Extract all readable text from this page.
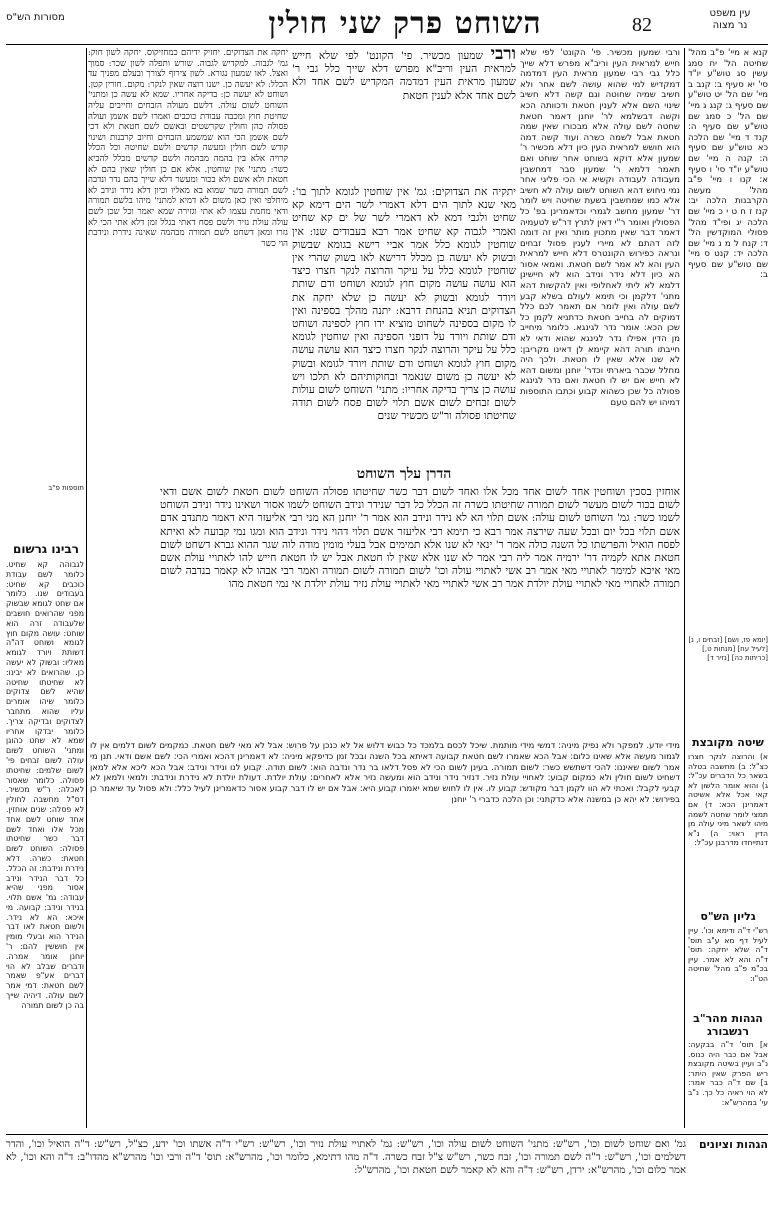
מסורות הש"ס	השוחט פרק שני חולין	82
עין משפט
נר מצוה
קנא א מיי' פ"ב מהל' שחיטה הל' יח סמג עשין סג טוש"ע יו"ד סי' יא סעיף ב: קנב ב מיי' שם הל' יט טוש"ע שם סעיף ג: קנג ג מיי' שם הל' כ סמג שם טוש"ע שם סעיף ה: קנד ד מיי' שם הלכה כא טוש"ע שם סעיף ה: קנה ה מיי' שם טוש"ע יו"ד סי' ו סעיף א: קנו ו מיי' פ"ב מהל' מעשה הקרבנות הלכה יב: קנז ז ח ט י כ מיי' שם הלכה יג ופי"ד מהל' פסולי המוקדשין הל' ד: קנח ל מ נ מיי' שם הלכה יד: קנט ס מיי' שם טוש"ע שם סעיף ב:
[יומא פז, ושם] [זבחים ו, נ] [לעיל עח] [מנחות ט,] [כריתות כה] [נזיר ד]
שיטה מקובצת
א) והרוצה לנקר חצרו כצ"ל: ב) מחשבה בטלה בשאר כל הדברים עכ"ל: ג) והוא אומר הלשון לא קאי אכל אלא אשיטה דאמרינן הכא: ד) אם תמצי לומר שחטה לשמה מיהו לשאר מיני עולה מן הדין ראוי: ה) נ"א דנתייחדו מדרבנן עכ"ל:
גליון הש"ס
רש"י ד"ה ודימא וכו'. עיין לעיל דף מא ע"ב תוס' ד"ה שלא יחקה: תוס' ד"ה והא לא אמר. עיין בכ"מ פ"ב מהל' שחיטה הט"ו:
הגהות מהר"ב רנשבורג
א] תוס' ד"ה בבקעה: אבל אם כבר היה כנוס. נ"ב ועיין בשיטה מקובצת ריש הפרק שאין היתר: ב] שם ד"ה כבר אמר: לא הוי ראיה כל כך. נ"ב עי' במהרש"א:
ורבי שמעון מכשיר. פי' הקונט' לפי שלא חייש למראית העין וריב"א מפרש דלא שייך כלל גבי רבי שמעון מראית העין דמדמה דמקדיש למי שהוא עושה לשם אחר ולא חשיב שמיה שחוטה וגם קשה דלא חשיב שינוי השם אלא לענין חטאת ודכוותה הכא וקשה דבשלמא לר' יוחנן דאמר חטאת שחטה לשם עולה אלא מבכורו שאין שמה חטאת אבל לשמה כשרה ועוד קשה דמה הוא חושש למראית העין כיון דלא מכשיר ר' שמעון אלא דוקא בשוחט אחר שוחט ואם תאמר דלמא ר' שמעון סבר דמחשבין מעבודה לעבודה וקשיא אי הכי פליגי אחר נמי ניחוש דהא השוחט לשום עולה לא חשיב אלא כמו שמחשבין בשעת שחיטה ויש לומר דר' שמעון מחשב לגמרי וכדאמרינן בפ' כל הפסולין ואומר ר"י דאין לתרץ דר"ש לטעמיה דאמר דבר שאין מתכוין מותר ואין זה דומה לזה דהתם לא מיירי לענין פסול זבחים ונראה כפירוש הקונטרס דלא חייש למראית העין והא לא אמר לשם חטאת. ואמאי אסור הא כיון דלא נידר ונידב הוא לא חיישינן דלמא לא ליתי לאחלופי ואין להקשות דהא מתני' דלקמן וכי תימא לעולם בשלא קבע לשם עולה ואין לומר אם תאמר לכם כלל דמוקים לה בחייב חטאת כדתניא לקמן כל שכן הכא: אומר נדר לגינגא. כלומר מיחייב מן הדין אפילו נדר לגינגא שהוא ודאי לא חייבתו תורה דהא קיימא לן דאינו מקריבן: לא שנו אלא שאין לו חטאת. ולכך היה מחלל שכבר ביארתי וכדר' יוחנן ומשום דהא לא חייש אם יש לו חטאת ואם נדר לגינגא פסולה כל שכן כשהוא קבוע וכתבו התוספות דמיהו יש להם טעם
ורבי שמעון מכשיר. פי' הקונט' לפי שלא חייש למראית העין וריב"א מפרש דלא שייך כלל גבי ר' שמעון מראית העין דמדמה המקדיש לשם אחד ולא לשם אחד אלא לענין חטאת
יתקיה את הצדוקים: גמ' אין שוחטין לגומא לתוך בו': מאי שנא לתוך הים דלא דאמרי לשר הים דימא קא שחיט ולגבי דמא לא דאמרי לשר של ים קא שחיט ואמרי לגבוה קא שחיט אמר רבא בעבודים שנו: אין שוחטין לגומא כלל אמר אביי רישא בגומא שבשוק ובשוק לא יעשה כן מכלל דרישא לאו בשוק שהרי אין שוחטין לגומא כלל על עיקר והרוצה לנקר חצרו כיצד הוא עושה עושה מקום חוץ לגומא ושוחט ודם שותת ויורד לגומא ובשוק לא יעשה כן שלא יחקה את הצדוקים תניא בהנחת דרבא: יתנה מהלך בספינה ואין לו מקום בספינה לשחוט מוציא ידו חוץ לספינה ושוחט ודם שותת ויורד על דופני הספינה ואין שוחטין לגומא כלל על עיקר והרוצה לנקר חצרו כיצד הוא עושה עושה מקום חוץ לגומא ושוחט ודם שותת ויורד לגומא ובשוק לא יעשה כן משום שנאמר ובחוקותיהם לא תלכו ויש עושה כן צריך בדיקה אחריו: מתני' השוחט לשום עולות לשום זבחים לשום אשם תלוי לשום פסח לשום תודה שחיטתו פסולה ור"ש מכשיר שנים
הדרן עלך השוחט
אוחזין בסכין ושוחטין אחד לשום אחד מכל אלו ואחד לשום דבר כשר שחיטתו פסולה השוחט לשום חטאת לשום אשם ודאי לשום בכור לשום מעשר לשום תמורה שחיטתו כשרה זה הכלל כל דבר שנידר ונידב השוחט לשמו אסור ושאינו נידר ונידב השוחט לשמו כשר: גמ' השוחט לשום עולה: אשם תלוי הא לא נידר ונידב הוא אמר ר' יוחנן הא מני רבי אליעזר היא דאמר מתנדב אדם אשם תלוי בכל יום ובכל שעה שירצה אמר רבא כי תימא רבי אליעזר אשם תלוי דהוי נידר ונידב הוא ומגו נמי קבועה לא ואיתא לפסח הואיל והפרשתו כל השנה כולה אמר ר' ינאי לא שנו אלא תמימים אבל בעלי מומין מודה לוה שגר ההוא גברא דשחט לשום חטאת אתא לקמיה דר' ירמיה אמר ליה רבי אמר לא שנו אלא שאין לו חטאת אבל יש לו חטאת חייש להו לאתויי עולת אשם מאי איכא למימר לאתויי מאי אמר רב אשי לאתויי עולה וכו' לשום תמורה לשום תמורה ואמר רבי אבהו לא קאמר בנדבה לשום תמורה לאחויי מאי לאתויי עולת יולדת אמר רב אשי לאתויי מאי לאתויי עולת נזיר עולת יולדת אי נמי חטאת מהו
יחקה את הצדוקים. יחזיק ידיהם כמחזיקוס. יחקה לשון חוק: גמ' לגבוה. למקדיש לגבוה. שורש ותפלה לשון שכר: סמוך ואצל. לאו שמעון נגורא. לשון צירוף לצורך ובעלם מפניך עד הכלל: לא יעשה כן. ישנו רוצה שאין לנקר: מקום. חורין קטן. ושוחט לא יעשה כן: בדיקה אחריו. שמא לא עשה כן ומתני' השוחט לשום עולה. דלשם מעולה הזבחים וחייבים עליה שחיטת חוץ ומכבה עבודת כוכבים ואמרו לשם אשמן ועולה פסולה כהן וחולין שקרשטים ובאשם לשם חטאת ולא דכי לשם אשמן הכי הוא שמשמע הזבחים וחיוב קרבנות ושינוי קודש לשם חולין ומעשה קדשים ולשם שחיטה וכל הכלל קרויה אלא בין בהמה מבהמה ולשם קדשים מכלל להביא כשר: מתני' אין שוחטין. אלא אם כן חולין שאין בהם לא חטאת ולא אשם ולא בכור ומעשר דלא שייך בהם נדר ונדבה לשם תמורה כשר שמוא בא מאליו וכיון דלא נידר ונידב לא מיחלפי ואין כאן משום לא דמיא למתני' מיהו בלשם תמורה ודאי מחמת עצמו לא אתי וגזירה שמא יאמר וכל שכן לשם עולה עולת נזיר ולשם פסח דאתי בגלל זמן דלא אתי הכי לא גזרו ומאן דשחט לשם תמורה מבהמה שאינה נידרת ונידבת הוי כשר
תוספות פ"ב
רבינו גרשום
לגבוהה קא שחיט. כלומר לשם עבודת כוכבים קא שחיט: בעבודים שנו. כלומר אם שחט לגומא שבשוק מפני שהרואים חושבים שלעבודה זרה הוא שוחט: עושה מקום חוץ לגומא ושוחט דה"ה דשותת ויורד לגומא מאליו: ובשוק לא יעשה כן. שהרואים לא יבינו: לא שחיטתו שחיטה שהיא לשם צדוקים כלומר שיהו אומרים עליו שהוא מתחבר לצדוקים ובדיקה צריך. כלומר יבדקו אחריו שמא לא שחט כהוגן ומתני' השוחט לשום עולה לשום זבחים פי' לשום שלמים: שחיטתו פסולה. כלומר שאסור לאכלה: ר"ש מכשיר. דס"ל מחשבה לחולין לא פסלה: שנים אוחזין. אחד שוחט לשם אחד מכל אלו ואחד לשם דבר כשר שחיטתו פסולה: השוחט לשום חטאת: כשרה. דלא נידרת ונידבת: זה הכלל. כל דבר הנידר ונידב אסור מפני שהיא עבודה: גמ' אשם תלוי. בנידר ונידב: קבועה. מי איכא: הא לא נידר. ולשום חטאת לאו דבר הנידר הוא ובעלי מומין אין חוששין להם: ר' יוחנן אומר אמרה. ודברים שבלב לא הוי דברים אע"פ שאמר לשם חטאת: דמי אמר לשם עולה. דיהיה שייך בה כן לשום תמורה
מידי יודע. למפקר ולא נפיק מיניה: דמשי מידי מותמת. שיכל לכסם בלמכד כל כבוש דלוש אל לא כנכן על פרוש: אבל לא מאי לשם חטאת. כמקמים לשום דלמים אין לו לגמור מעשה אלא שאינו כלום: אבל הכא שאמרו לשם חטאת קבועה דאיתא בכל השנה ובכל זמן כדיפקא מיניה: לא דאמרינן דהכא ואמרי הכי: לשם אשם ודאי. תנן מי אמר לשום שאיננו: להכי דשתשש כשר: לשום תמורה. בעינן לשום הכי לא פסל דלאו בר נדר ונדבה הוא: לשום תודה. קבוע לנו ונידר ונידב: אבל הכא ליכא אלא למאן דשחיט לשום חולין ולא כמקום קבוע: לאחויי עולת נזיר. דנזיר נידר ונידב הוא ומעשה נזיר אלא לאחרים: עולת יולדת. דעולת יולדת לא נידרת ונידבת: ולמאי ולמאן לא קבעי לקבל: ואכתי לא הוו לקמן דבר מקודש: קבוע לו. אין לו לחוש שמא יאמרו קבוע היא: אבל אם יש לו דבר קבוע אסור כדאמרינן לעיל כלל: ולא פסול עד שיאמר כן בפירוש: לא יהא כן במשנה אלא כדקתני: וכן הלכה כדברי ר' יוחנן
הגהות וציונים
גמ' ואם שוחט לשום וכו', רש"ש: מתני' השוחט לשום עולה וכו', רש"ש: גמ' לאתויי עולת נזיר וכו', רש"ש: רש"י ד"ה אשתו וכו' ידע, כצ"ל, רש"ש: ד"ה הואיל וכו', והדר דשלמים וכו', רש"ש: ד"ה לשם תמורה וכו', זבח כשר, רש"ש צ"ל זבח כשרה. ד"ה מהו דתימא, כלומר וכו', מהרש"א: תוס' ד"ה ורבי וכו' מהרש"א מהדו"ב: ד"ה והא וכו', לא אמר כלום וכו', מהרש"א: ירדן, רש"ש: ד"ה והא לא קאמר לשם חטאת וכו', מהרש"ל:
